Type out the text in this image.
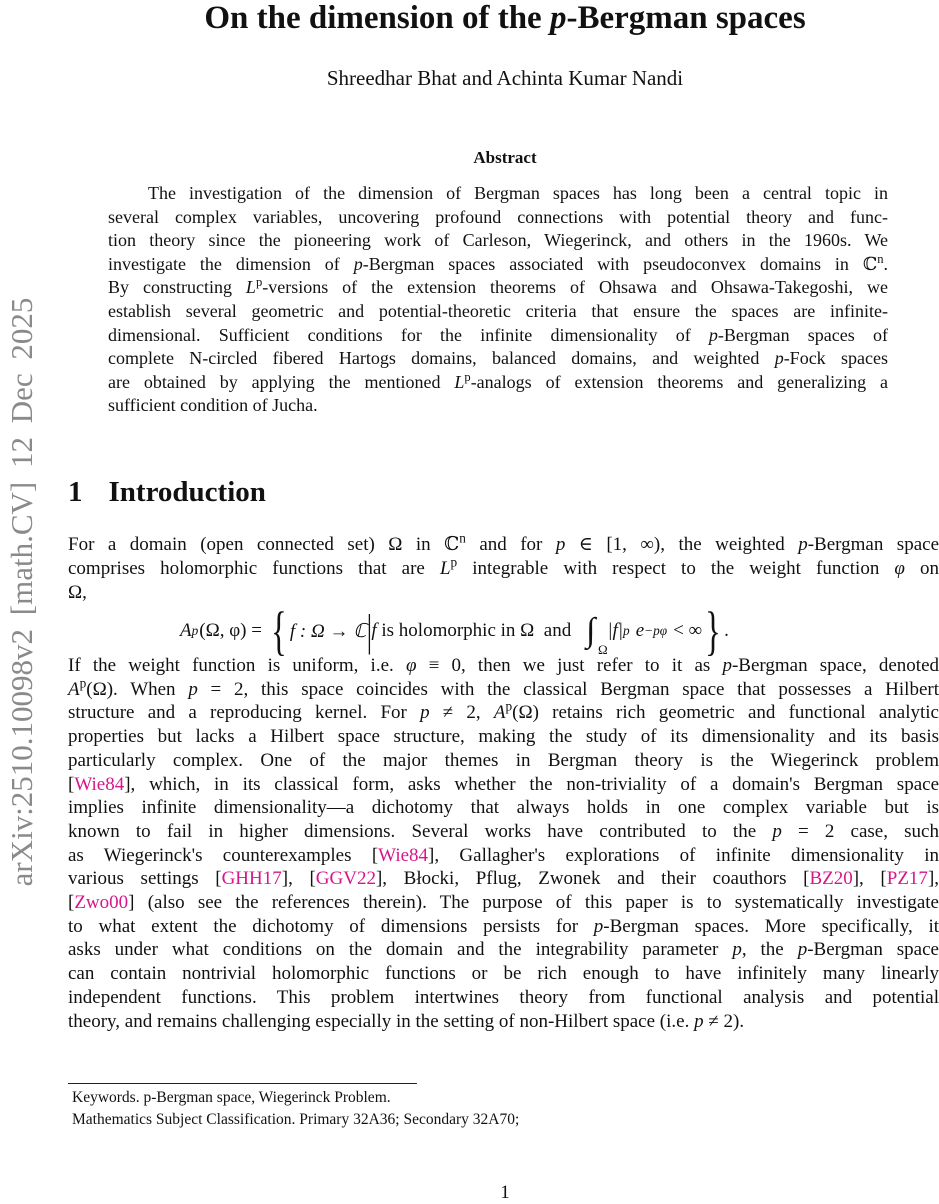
arXiv:2510.10098v2 [math.CV] 12 Dec 2025
On the dimension of the p-Bergman spaces
Shreedhar Bhat and Achinta Kumar Nandi
Abstract
The investigation of the dimension of Bergman spaces has long been a central topic in
several complex variables, uncovering profound connections with potential theory and func-
tion theory since the pioneering work of Carleson, Wiegerinck, and others in the 1960s. We
investigate the dimension of p-Bergman spaces associated with pseudoconvex domains in ℂ$^n$.
By constructing $L^p$-versions of the extension theorems of Ohsawa and Ohsawa-Takegoshi, we
establish several geometric and potential-theoretic criteria that ensure the spaces are infinite-
dimensional. Sufficient conditions for the infinite dimensionality of p-Bergman spaces of
complete N-circled fibered Hartogs domains, balanced domains, and weighted p-Fock spaces
are obtained by applying the mentioned $L^p$-analogs of extension theorems and generalizing a
sufficient condition of Jucha.
1 Introduction
For a domain (open connected set) Ω in ℂ$^n$ and for p ∈ [1, ∞), the weighted p-Bergman space
comprises holomorphic functions that are $L^p$ integrable with respect to the weight function φ on
Ω,
A p (Ω, φ) = { f : Ω → ℂ | f is holomorphic in Ω  and ∫
Ω
|f| p e −pφ < ∞ } .
If the weight function is uniform, i.e. φ ≡ 0, then we just refer to it as p-Bergman space, denoted
$A^p(\Omega)$. When p = 2, this space coincides with the classical Bergman space that possesses a Hilbert
structure and a reproducing kernel. For p ≠ 2, $A^p(\Omega)$ retains rich geometric and functional analytic
properties but lacks a Hilbert space structure, making the study of its dimensionality and its basis
particularly complex. One of the major themes in Bergman theory is the Wiegerinck problem
[Wie84], which, in its classical form, asks whether the non-triviality of a domain's Bergman space
implies infinite dimensionality—a dichotomy that always holds in one complex variable but is
known to fail in higher dimensions. Several works have contributed to the p = 2 case, such
as Wiegerinck's counterexamples [Wie84], Gallagher's explorations of infinite dimensionality in
various settings [GHH17], [GGV22], Błocki, Pflug, Zwonek and their coauthors [BZ20], [PZ17],
[Zwo00] (also see the references therein). The purpose of this paper is to systematically investigate
to what extent the dichotomy of dimensions persists for p-Bergman spaces. More specifically, it
asks under what conditions on the domain and the integrability parameter p, the p-Bergman space
can contain nontrivial holomorphic functions or be rich enough to have infinitely many linearly
independent functions. This problem intertwines theory from functional analysis and potential
theory, and remains challenging especially in the setting of non-Hilbert space (i.e. p ≠ 2).
Keywords. p-Bergman space, Wiegerinck Problem.
Mathematics Subject Classification. Primary 32A36; Secondary 32A70;
1
